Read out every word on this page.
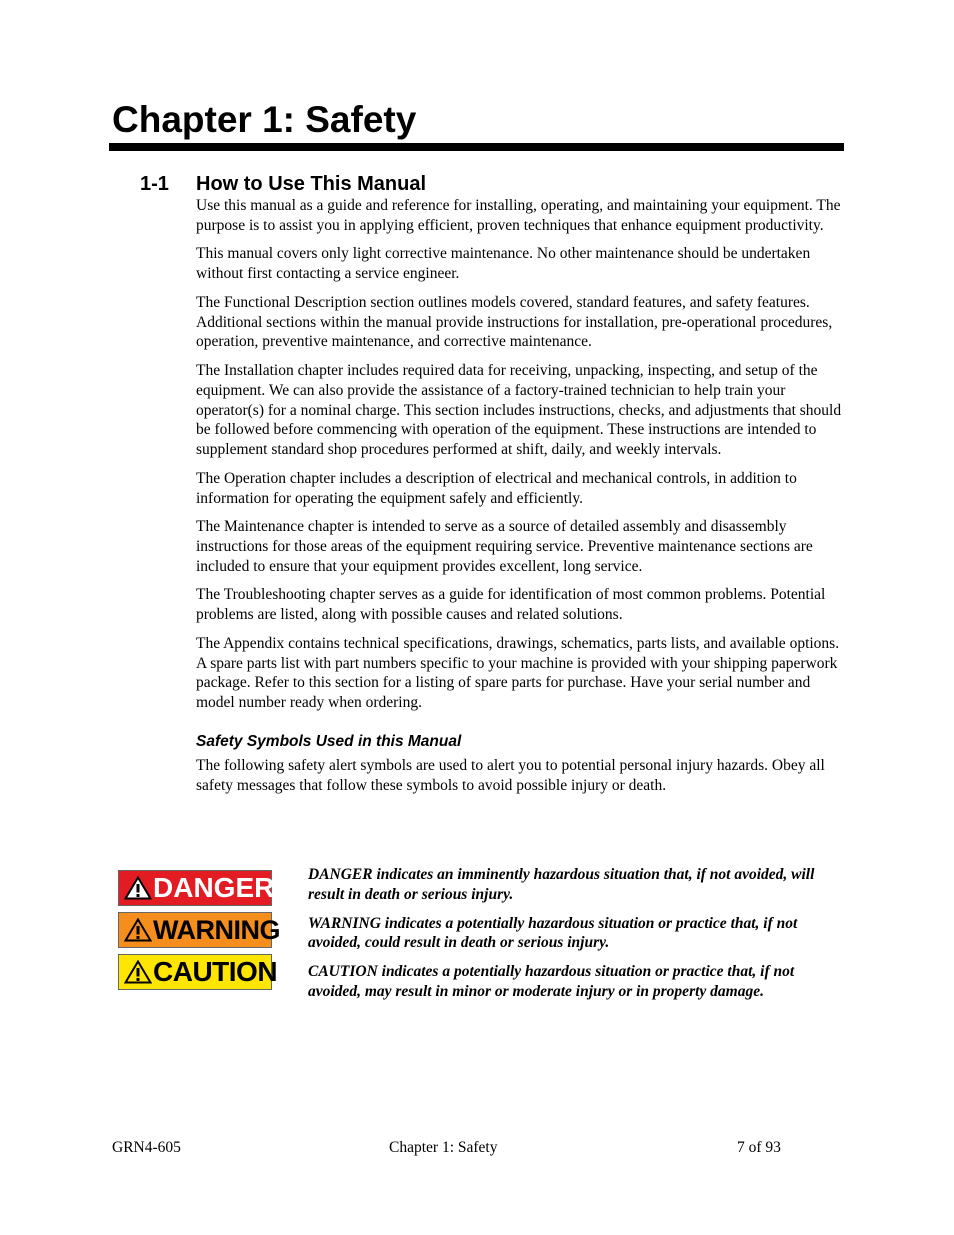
Chapter 1: Safety
1-1 How to Use This Manual

Use this manual as a guide and reference for installing, operating, and maintaining your equipment. The purpose is to assist you in applying efficient, proven techniques that enhance equipment productivity.

This manual covers only light corrective maintenance. No other maintenance should be undertaken without first contacting a service engineer.

The Functional Description section outlines models covered, standard features, and safety features. Additional sections within the manual provide instructions for installation, pre-operational procedures, operation, preventive maintenance, and corrective maintenance.

The Installation chapter includes required data for receiving, unpacking, inspecting, and setup of the equipment. We can also provide the assistance of a factory-trained technician to help train your operator(s) for a nominal charge. This section includes instructions, checks, and adjustments that should be followed before commencing with operation of the equipment. These instructions are intended to supplement standard shop procedures performed at shift, daily, and weekly intervals.

The Operation chapter includes a description of electrical and mechanical controls, in addition to information for operating the equipment safely and efficiently.

The Maintenance chapter is intended to serve as a source of detailed assembly and disassembly instructions for those areas of the equipment requiring service. Preventive maintenance sections are included to ensure that your equipment provides excellent, long service.

The Troubleshooting chapter serves as a guide for identification of most common problems. Potential problems are listed, along with possible causes and related solutions.

The Appendix contains technical specifications, drawings, schematics, parts lists, and available options. A spare parts list with part numbers specific to your machine is provided with your shipping paperwork package. Refer to this section for a listing of spare parts for purchase. Have your serial number and model number ready when ordering.

Safety Symbols Used in this Manual

The following safety alert symbols are used to alert you to potential personal injury hazards. Obey all safety messages that follow these symbols to avoid possible injury or death.

DANGER
WARNING
CAUTION

DANGER indicates an imminently hazardous situation that, if not avoided, will result in death or serious injury.

WARNING indicates a potentially hazardous situation or practice that, if not avoided, could result in death or serious injury.

CAUTION indicates a potentially hazardous situation or practice that, if not avoided, may result in minor or moderate injury or in property damage.

GRN4-605	Chapter 1: Safety	7 of 93
